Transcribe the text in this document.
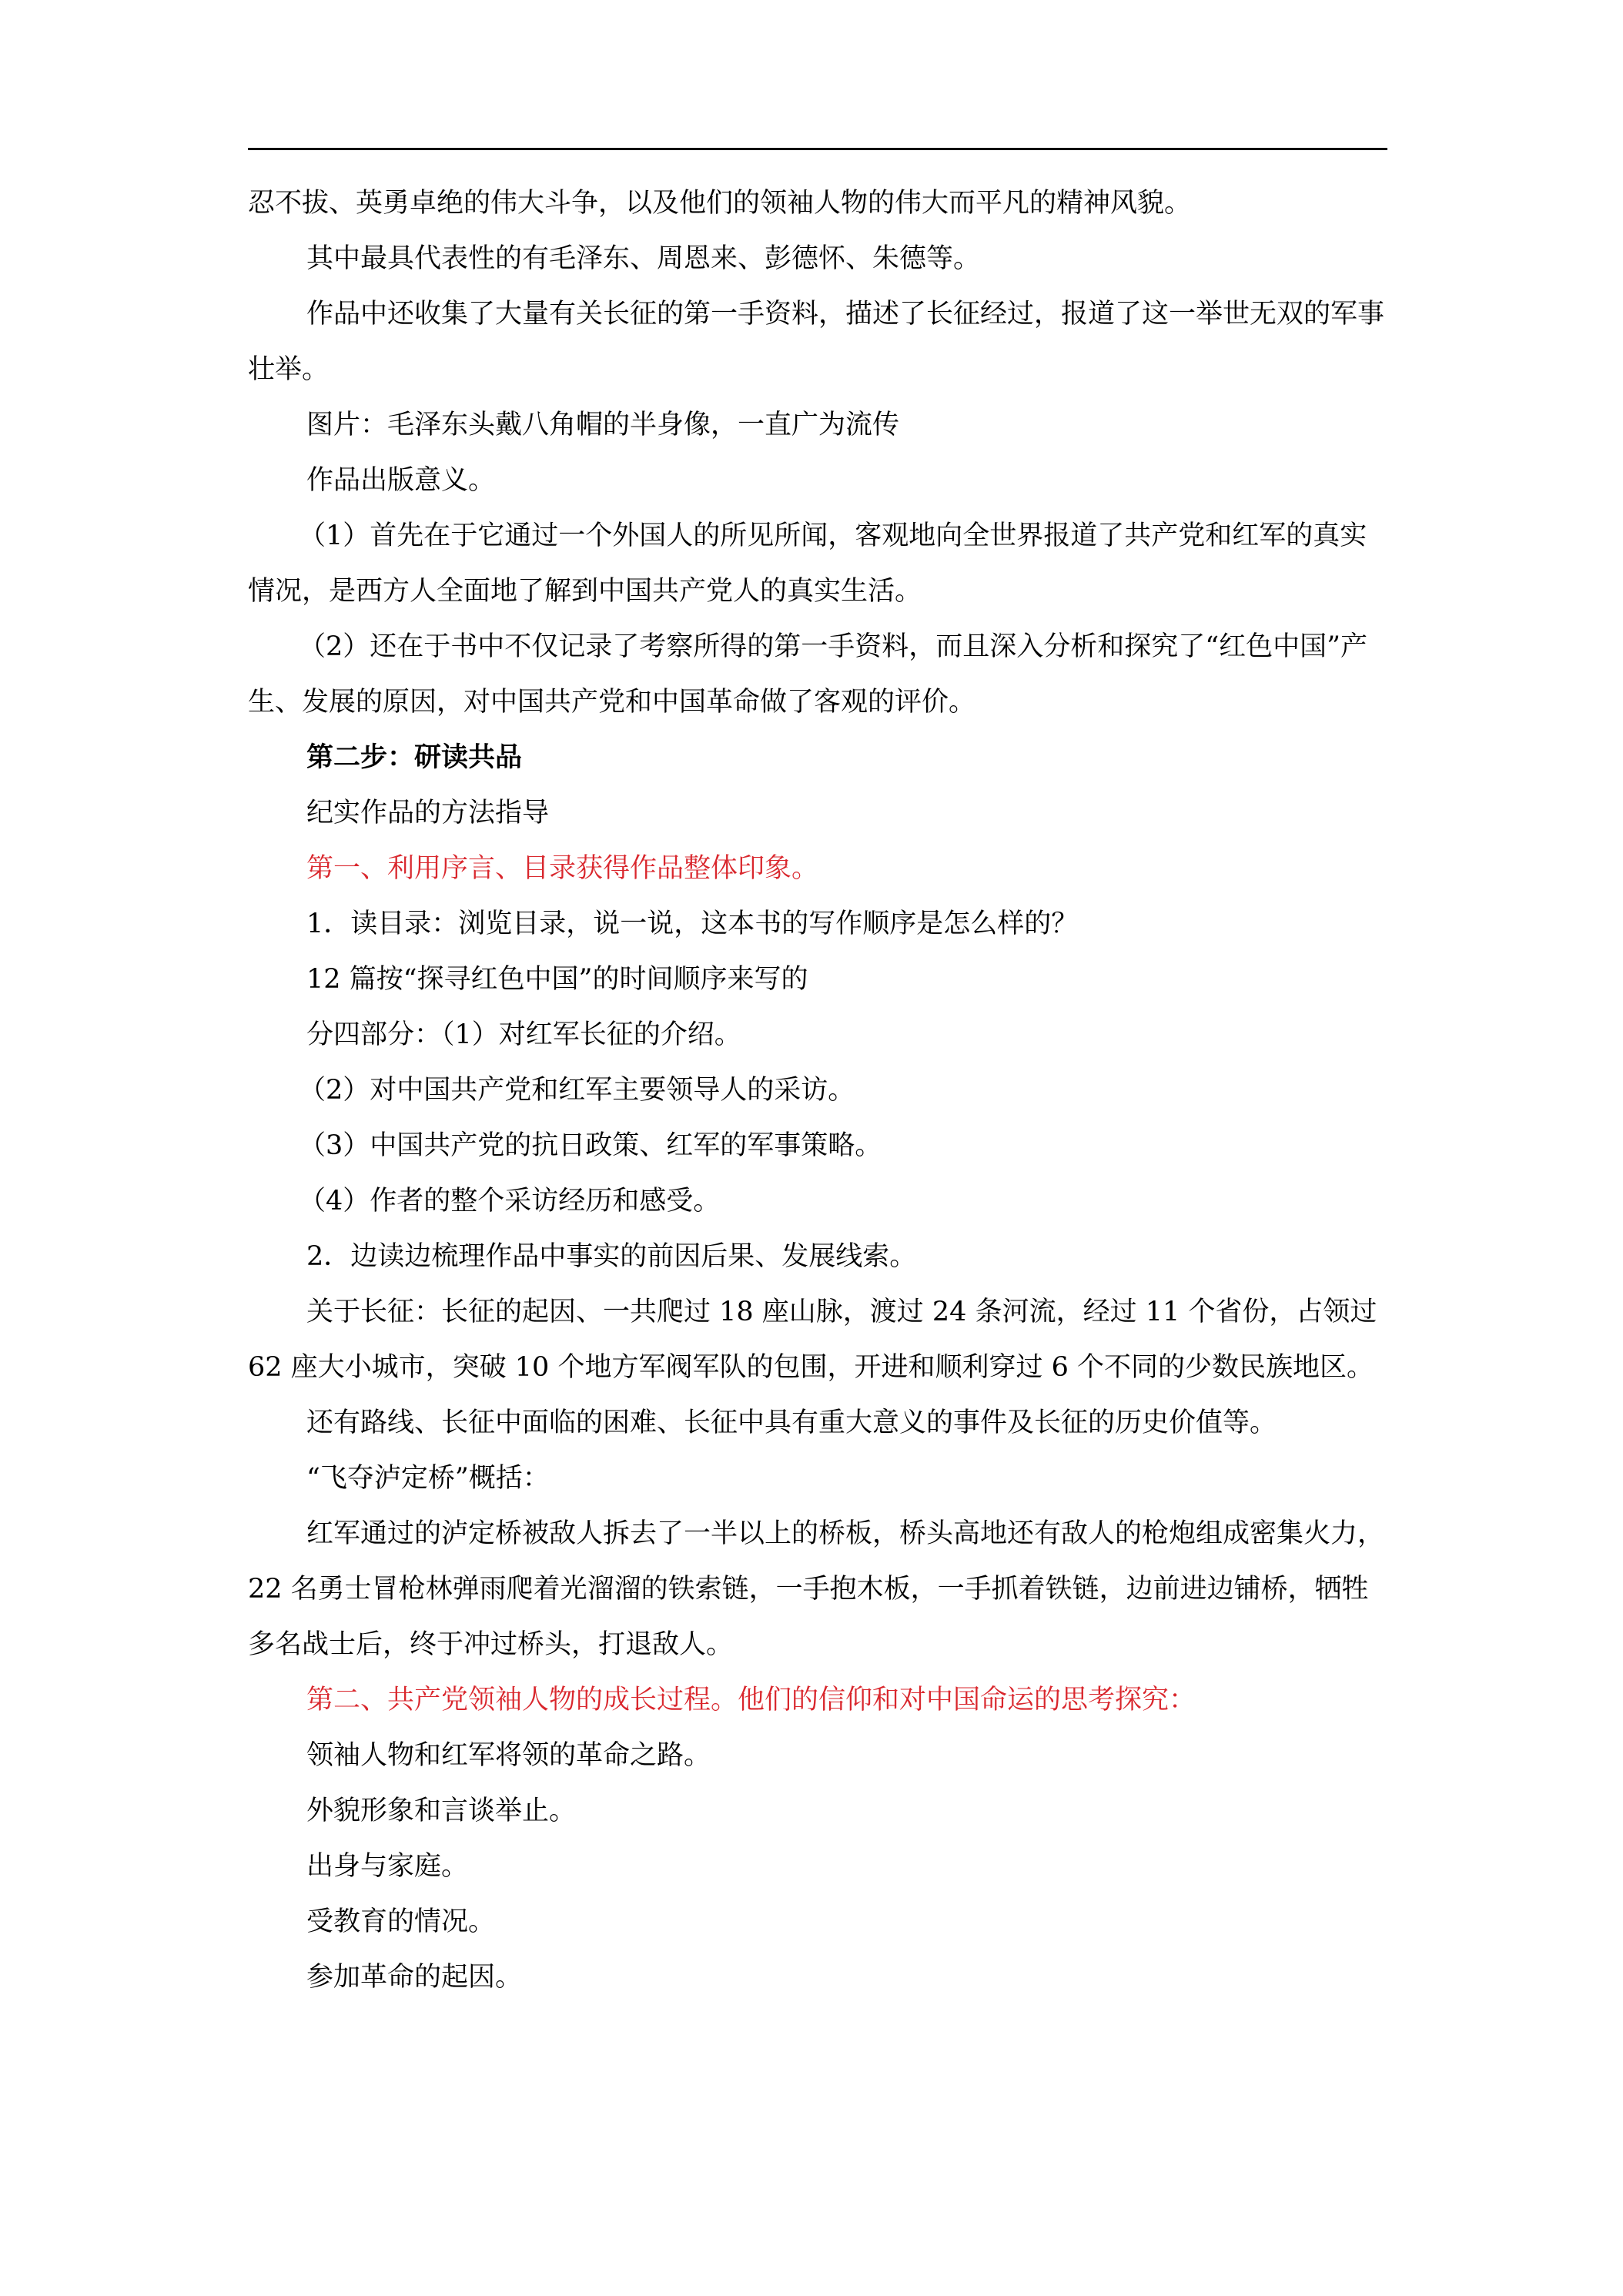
忍不拔、英勇卓绝的伟大斗争，以及他们的领袖人物的伟大而平凡的精神风貌。

其中最具代表性的有毛泽东、周恩来、彭德怀、朱德等。

作品中还收集了大量有关长征的第一手资料，描述了长征经过，报道了这一举世无双的军事壮举。

图片：毛泽东头戴八角帽的半身像，一直广为流传

作品出版意义。

（1）首先在于它通过一个外国人的所见所闻，客观地向全世界报道了共产党和红军的真实情况，是西方人全面地了解到中国共产党人的真实生活。

（2）还在于书中不仅记录了考察所得的第一手资料，而且深入分析和探究了“红色中国”产生、发展的原因，对中国共产党和中国革命做了客观的评价。

第二步：研读共品

纪实作品的方法指导

第一、利用序言、目录获得作品整体印象。

1．读目录：浏览目录，说一说，这本书的写作顺序是怎么样的？

12 篇按“探寻红色中国”的时间顺序来写的

分四部分：（1）对红军长征的介绍。

（2）对中国共产党和红军主要领导人的采访。

（3）中国共产党的抗日政策、红军的军事策略。

（4）作者的整个采访经历和感受。

2．边读边梳理作品中事实的前因后果、发展线索。

关于长征：长征的起因、一共爬过 18 座山脉，渡过 24 条河流，经过 11 个省份，占领过 62 座大小城市，突破 10 个地方军阀军队的包围，开进和顺利穿过 6 个不同的少数民族地区。

还有路线、长征中面临的困难、长征中具有重大意义的事件及长征的历史价值等。

“飞夺泸定桥”概括：

红军通过的泸定桥被敌人拆去了一半以上的桥板，桥头高地还有敌人的枪炮组成密集火力，22 名勇士冒枪林弹雨爬着光溜溜的铁索链，一手抱木板，一手抓着铁链，边前进边铺桥，牺牲多名战士后，终于冲过桥头，打退敌人。

第二、共产党领袖人物的成长过程。他们的信仰和对中国命运的思考探究：

领袖人物和红军将领的革命之路。

外貌形象和言谈举止。

出身与家庭。

受教育的情况。

参加革命的起因。
